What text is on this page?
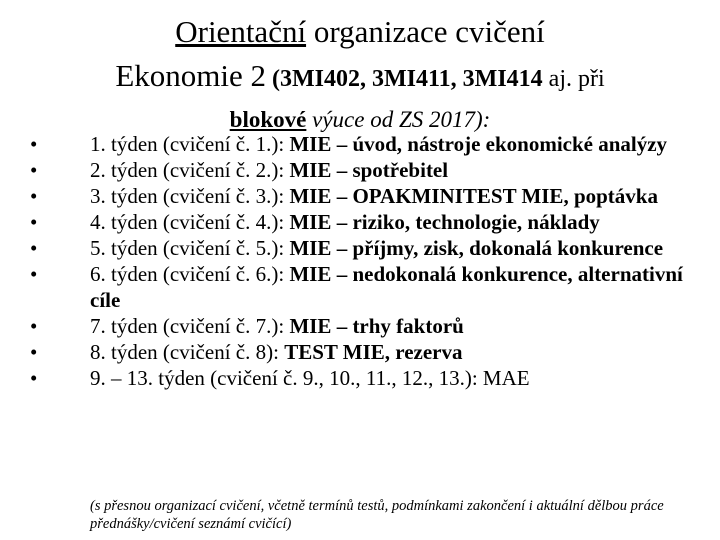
Orientační organizace cvičení
Ekonomie 2 (3MI402, 3MI411, 3MI414 aj. při
blokové výuce od ZS 2017):
•	1. týden (cvičení č. 1.): MIE – úvod, nástroje ekonomické analýzy
•	2. týden (cvičení č. 2.): MIE – spotřebitel
•	3. týden (cvičení č. 3.): MIE – OPAKMINITEST MIE, poptávka
•	4. týden (cvičení č. 4.): MIE – riziko, technologie, náklady
•	5. týden (cvičení č. 5.): MIE – příjmy, zisk, dokonalá konkurence
•	6. týden (cvičení č. 6.): MIE – nedokonalá konkurence, alternativní cíle
•	7. týden (cvičení č. 7.): MIE – trhy faktorů
•	8. týden (cvičení č. 8): TEST MIE, rezerva
•	9. – 13. týden (cvičení č. 9., 10., 11., 12., 13.): MAE
(s přesnou organizací cvičení, včetně termínů testů, podmínkami zakončení i aktuální dělbou práce přednášky/cvičení seznámí cvičící)
